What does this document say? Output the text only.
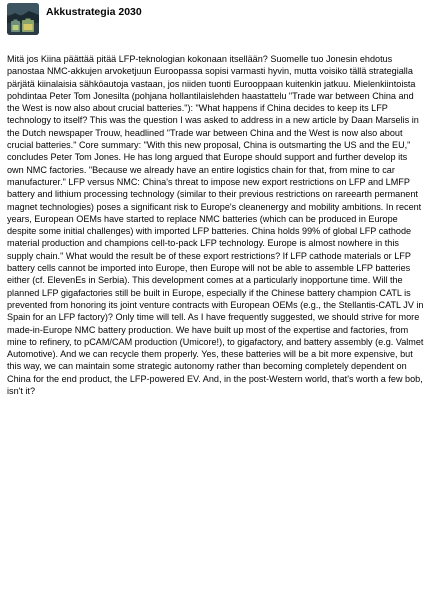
Akkustrategia 2030

Mitä jos Kiina päättää pitää LFP-teknologian kokonaan itsellään? Suomelle tuo Jonesin ehdotus panostaa NMC-akkujen arvoketjuun Euroopassa sopisi varmasti hyvin, mutta voisiko tällä strategialla pärjätä kiinalaisia sähköautoja vastaan, jos niiden tuonti Eurooppaan kuitenkin jatkuu. Mielenkiintoista pohdintaa Peter Tom Jonesilta (pohjana hollantilaislehden haastattelu "Trade war between China and the West is now also about crucial batteries."): "What happens if China decides to keep its LFP technology to itself? This was the question I was asked to address in a new article by Daan Marselis in the Dutch newspaper Trouw, headlined "Trade war between China and the West is now also about crucial batteries." Core summary: "With this new proposal, China is outsmarting the US and the EU," concludes Peter Tom Jones. He has long argued that Europe should support and further develop its own NMC factories. "Because we already have an entire logistics chain for that, from mine to car manufacturer." LFP versus NMC: China's threat to impose new export restrictions on LFP and LMFP battery and lithium processing technology (similar to their previous restrictions on rareearth permanent magnet technologies) poses a significant risk to Europe's cleanenergy and mobility ambitions. In recent years, European OEMs have started to replace NMC batteries (which can be produced in Europe despite some initial challenges) with imported LFP batteries. China holds 99% of global LFP cathode material production and champions cell-to-pack LFP technology. Europe is almost nowhere in this supply chain." What would the result be of these export restrictions? If LFP cathode materials or LFP battery cells cannot be imported into Europe, then Europe will not be able to assemble LFP batteries either (cf. ElevenEs in Serbia). This development comes at a particularly inopportune time. Will the planned LFP gigafactories still be built in Europe, especially if the Chinese battery champion CATL is prevented from honoring its joint venture contracts with European OEMs (e.g., the Stellantis-CATL JV in Spain for an LFP factory)? Only time will tell. As I have frequently suggested, we should strive for more made-in-Europe NMC battery production. We have built up most of the expertise and factories, from mine to refinery, to pCAM/CAM production (Umicore!), to gigafactory, and battery assembly (e.g. Valmet Automotive). And we can recycle them properly. Yes, these batteries will be a bit more expensive, but this way, we can maintain some strategic autonomy rather than becoming completely dependent on China for the end product, the LFP-powered EV. And, in the post-Western world, that's worth a few bob, isn't it?
